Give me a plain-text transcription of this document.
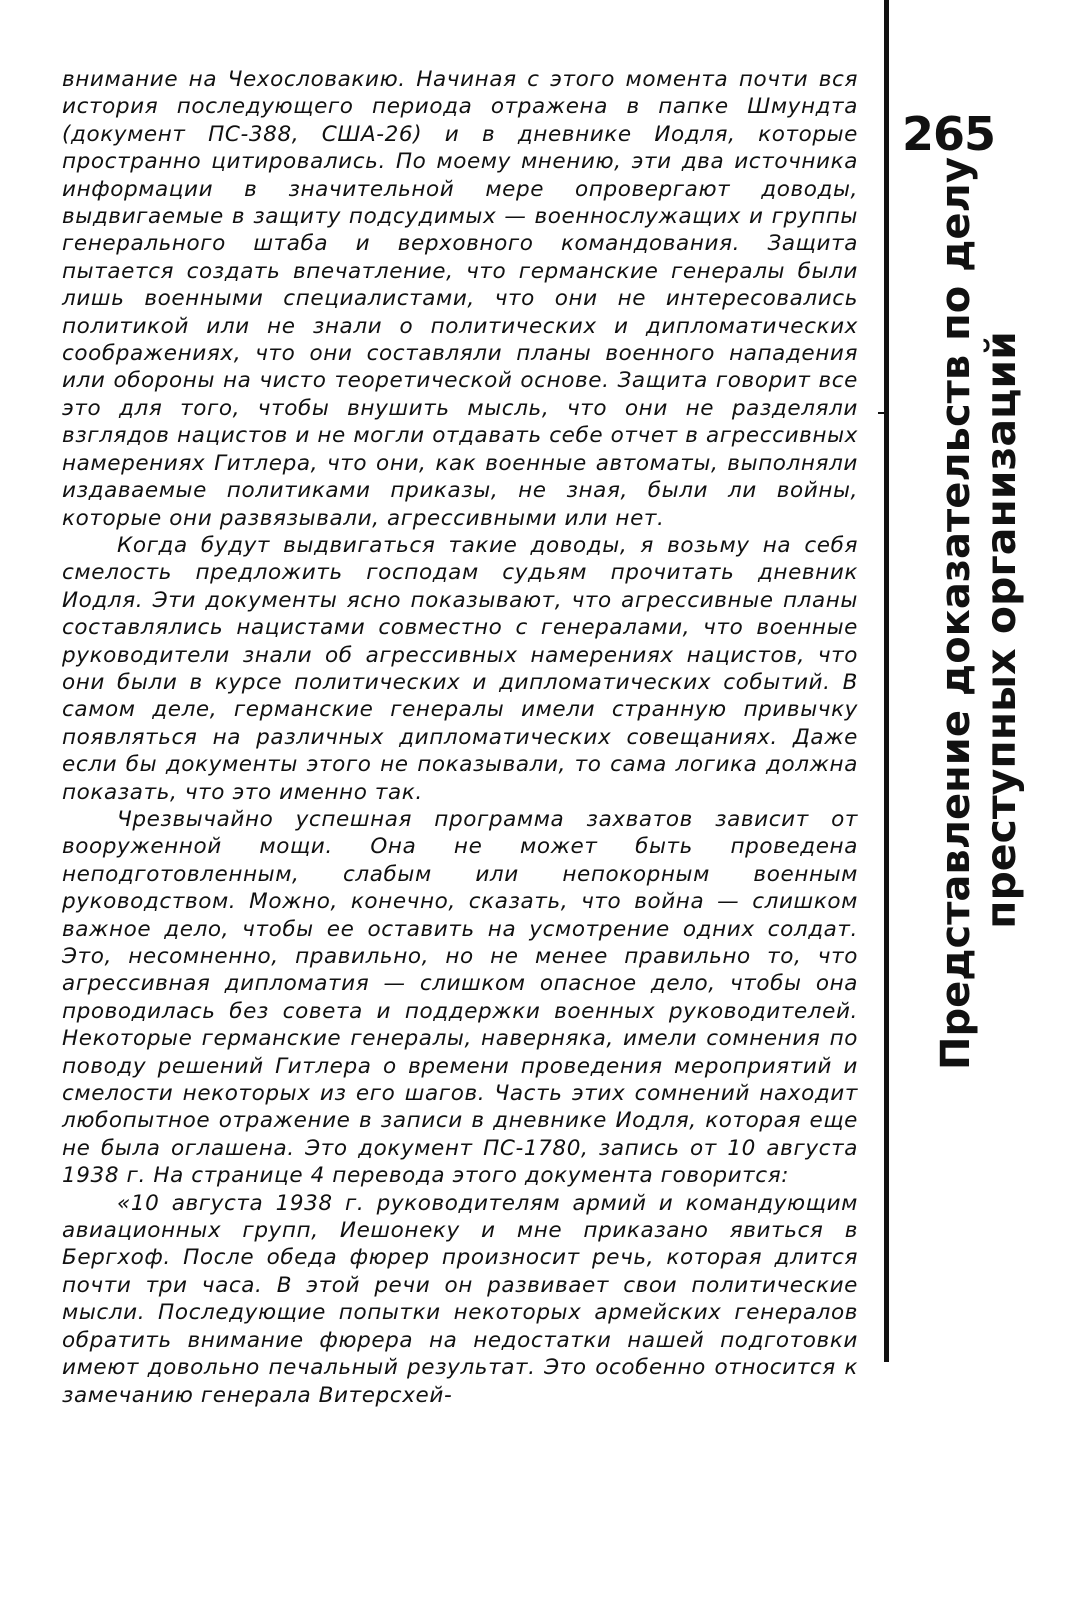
внимание на Чехословакию. Начиная с этого момента почти вся история последующего периода отражена в папке Шмундта (документ ПС-388, США-26) и в дневнике Иодля, которые пространно цитировались. По моему мнению, эти два источника информации в значительной мере опровергают доводы, выдвигаемые в защиту подсудимых — военнослужащих и группы генерального штаба и верховного командования. Защита пытается создать впечатление, что германские генералы были лишь военными специалистами, что они не интересовались политикой или не знали о политических и дипломатических соображениях, что они составляли планы военного нападения или обороны на чисто теоретической основе. Защита говорит все это для того, чтобы внушить мысль, что они не разделяли взглядов нацистов и не могли отдавать себе отчет в агрессивных намерениях Гитлера, что они, как военные автоматы, выполняли издаваемые политиками приказы, не зная, были ли войны, которые они развязывали, агрессивными или нет.

Когда будут выдвигаться такие доводы, я возьму на себя смелость предложить господам судьям прочитать дневник Иодля. Эти документы ясно показывают, что агрессивные планы составлялись нацистами совместно с генералами, что военные руководители знали об агрессивных намерениях нацистов, что они были в курсе политических и дипломатических событий. В самом деле, германские генералы имели странную привычку появляться на различных дипломатических совещаниях. Даже если бы документы этого не показывали, то сама логика должна показать, что это именно так.

Чрезвычайно успешная программа захватов зависит от вооруженной мощи. Она не может быть проведена неподготовленным, слабым или непокорным военным руководством. Можно, конечно, сказать, что война — слишком важное дело, чтобы ее оставить на усмотрение одних солдат. Это, несомненно, правильно, но не менее правильно то, что агрессивная дипломатия — слишком опасное дело, чтобы она проводилась без совета и поддержки военных руководителей. Некоторые германские генералы, наверняка, имели сомнения по поводу решений Гитлера о времени проведения мероприятий и смелости некоторых из его шагов. Часть этих сомнений находит любопытное отражение в записи в дневнике Иодля, которая еще не была оглашена. Это документ ПС-1780, запись от 10 августа 1938 г. На странице 4 перевода этого документа говорится:

«10 августа 1938 г. руководителям армий и командующим авиационных групп, Иешонеку и мне приказано явиться в Бергхоф. После обеда фюрер произносит речь, которая длится почти три часа. В этой речи он развивает свои политические мысли. Последующие попытки некоторых армейских генералов обратить внимание фюрера на недостатки нашей подготовки имеют довольно печальный результат. Это особенно относится к замечанию генерала Витерсхей-

265
Представление доказательств по делу
преступных организаций
